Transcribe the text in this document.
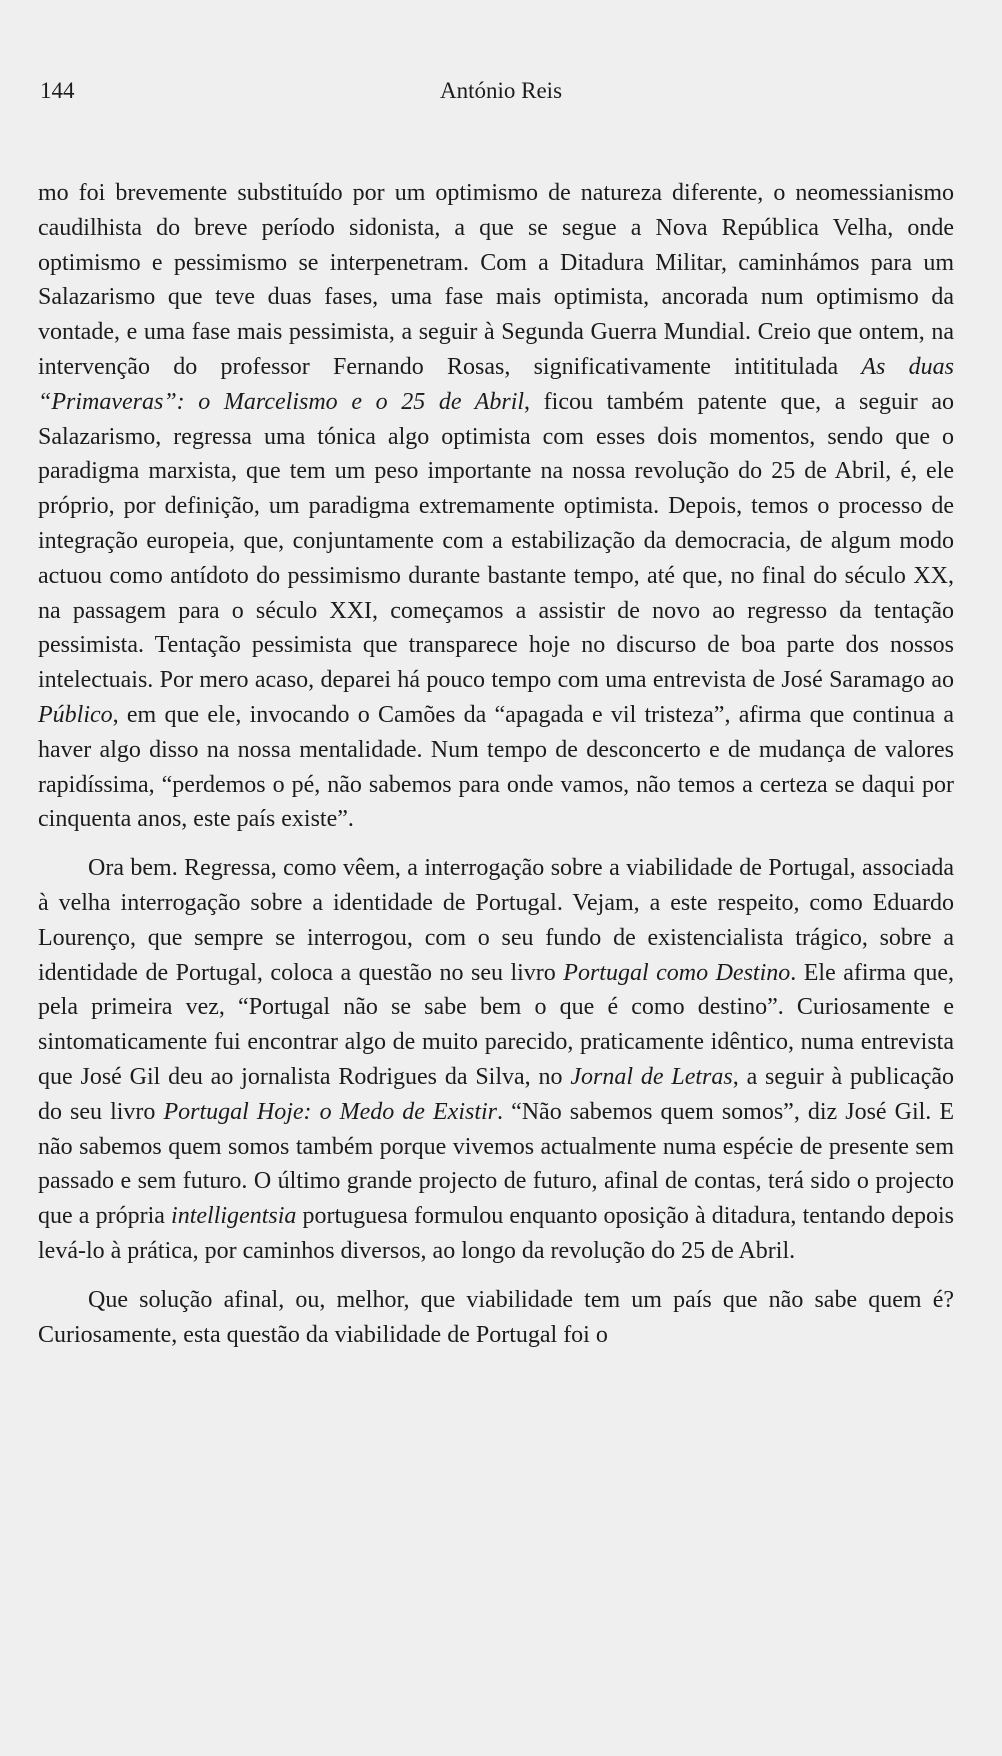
144	António Reis

mo foi brevemente substituído por um optimismo de natureza diferente, o neomessianismo caudilhista do breve período sidonista, a que se segue a Nova República Velha, onde optimismo e pessimismo se interpenetram. Com a Ditadura Militar, caminhámos para um Salazarismo que teve duas fases, uma fase mais optimista, ancorada num optimismo da vontade, e uma fase mais pessimista, a seguir à Segunda Guerra Mundial. Creio que ontem, na intervenção do professor Fernando Rosas, significativamente intititulada As duas “Primaveras”: o Marcelismo e o 25 de Abril, ficou também patente que, a seguir ao Salazarismo, regressa uma tónica algo optimista com esses dois momentos, sendo que o paradigma marxista, que tem um peso importante na nossa revolução do 25 de Abril, é, ele próprio, por definição, um paradigma extremamente optimista. Depois, temos o processo de integração europeia, que, conjuntamente com a estabilização da democracia, de algum modo actuou como antídoto do pessimismo durante bastante tempo, até que, no final do século XX, na passagem para o século XXI, começamos a assistir de novo ao regresso da tentação pessimista. Tentação pessimista que transparece hoje no discurso de boa parte dos nossos intelectuais. Por mero acaso, deparei há pouco tempo com uma entrevista de José Saramago ao Público, em que ele, invocando o Camões da “apagada e vil tristeza”, afirma que continua a haver algo disso na nossa mentalidade. Num tempo de desconcerto e de mudança de valores rapidíssima, “perdemos o pé, não sabemos para onde vamos, não temos a certeza se daqui por cinquenta anos, este país existe”.

Ora bem. Regressa, como vêem, a interrogação sobre a viabilidade de Portugal, associada à velha interrogação sobre a identidade de Portugal. Vejam, a este respeito, como Eduardo Lourenço, que sempre se interrogou, com o seu fundo de existencialista trágico, sobre a identidade de Portugal, coloca a questão no seu livro Portugal como Destino. Ele afirma que, pela primeira vez, “Portugal não se sabe bem o que é como destino”. Curiosamente e sintomaticamente fui encontrar algo de muito parecido, praticamente idêntico, numa entrevista que José Gil deu ao jornalista Rodrigues da Silva, no Jornal de Letras, a seguir à publicação do seu livro Portugal Hoje: o Medo de Existir. “Não sabemos quem somos”, diz José Gil. E não sabemos quem somos também porque vivemos actualmente numa espécie de presente sem passado e sem futuro. O último grande projecto de futuro, afinal de contas, terá sido o projecto que a própria intelligentsia portuguesa formulou enquanto oposição à ditadura, tentando depois levá-lo à prática, por caminhos diversos, ao longo da revolução do 25 de Abril.

Que solução afinal, ou, melhor, que viabilidade tem um país que não sabe quem é? Curiosamente, esta questão da viabilidade de Portugal foi o
